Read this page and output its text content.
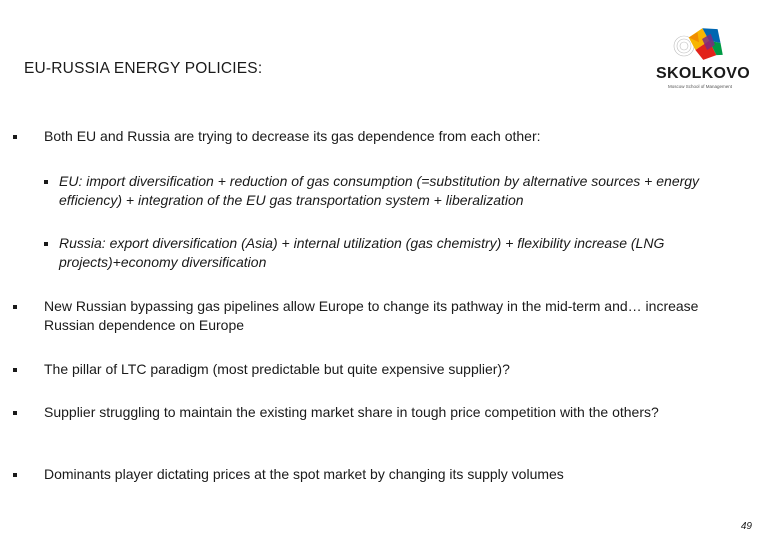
EU-RUSSIA ENERGY POLICIES:	SKOLKOVO
Moscow School of Management
Both EU and Russia are trying to decrease its gas dependence from each other:
EU: import diversification + reduction of gas consumption (=substitution by alternative sources + energy efficiency) + integration of the EU gas transportation system + liberalization
Russia: export diversification (Asia) + internal utilization (gas chemistry) + flexibility increase (LNG projects)+economy diversification
New Russian bypassing gas pipelines allow Europe to change its pathway in the mid-term and… increase Russian dependence on Europe
The pillar of LTC paradigm (most predictable but quite expensive supplier)?
Supplier struggling to maintain the existing market share in tough price competition with the others?
Dominants player dictating prices at the spot market by changing its supply volumes
49
